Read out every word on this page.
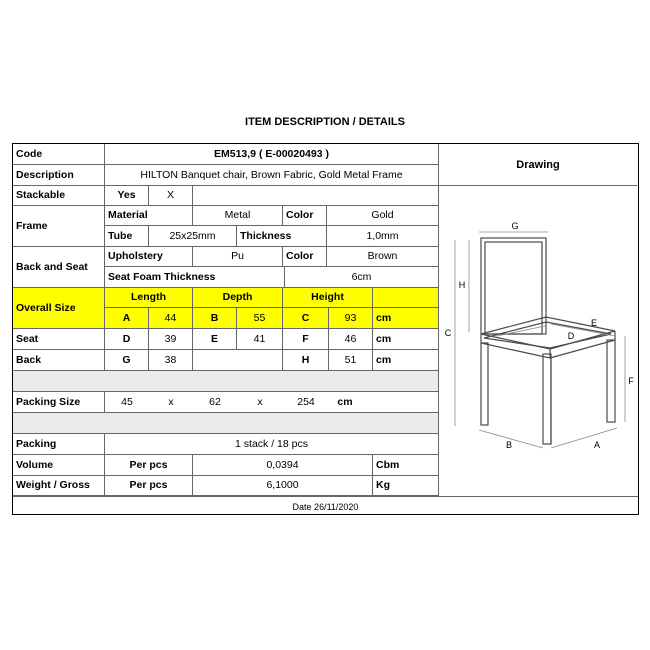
ITEM DESCRIPTION / DETAILS
Code	EM513,9 ( E-00020493 )
Description	HILTON Banquet chair, Brown Fabric, Gold Metal Frame
Stackable	Yes	X
Frame
Material	Metal	Color	Gold
Tube	25x25mm	Thickness	1,0mm
Back and Seat
Upholstery	Pu	Color	Brown
Seat Foam Thickness	6cm
Overall Size
Length	Depth	Height
A	44	B	55	C	93	cm
Seat	D	39	E	41	F	46	cm
Back	G	38	H	51	cm
Packing Size	45	x	62	x	254	cm
Packing	1 stack / 18 pcs
Volume	Per pcs	0,0394	Cbm
Weight / Gross	Per pcs	6,1000	Kg
Drawing
G
H
C
E
D
F
B	A
Date 26/11/2020
